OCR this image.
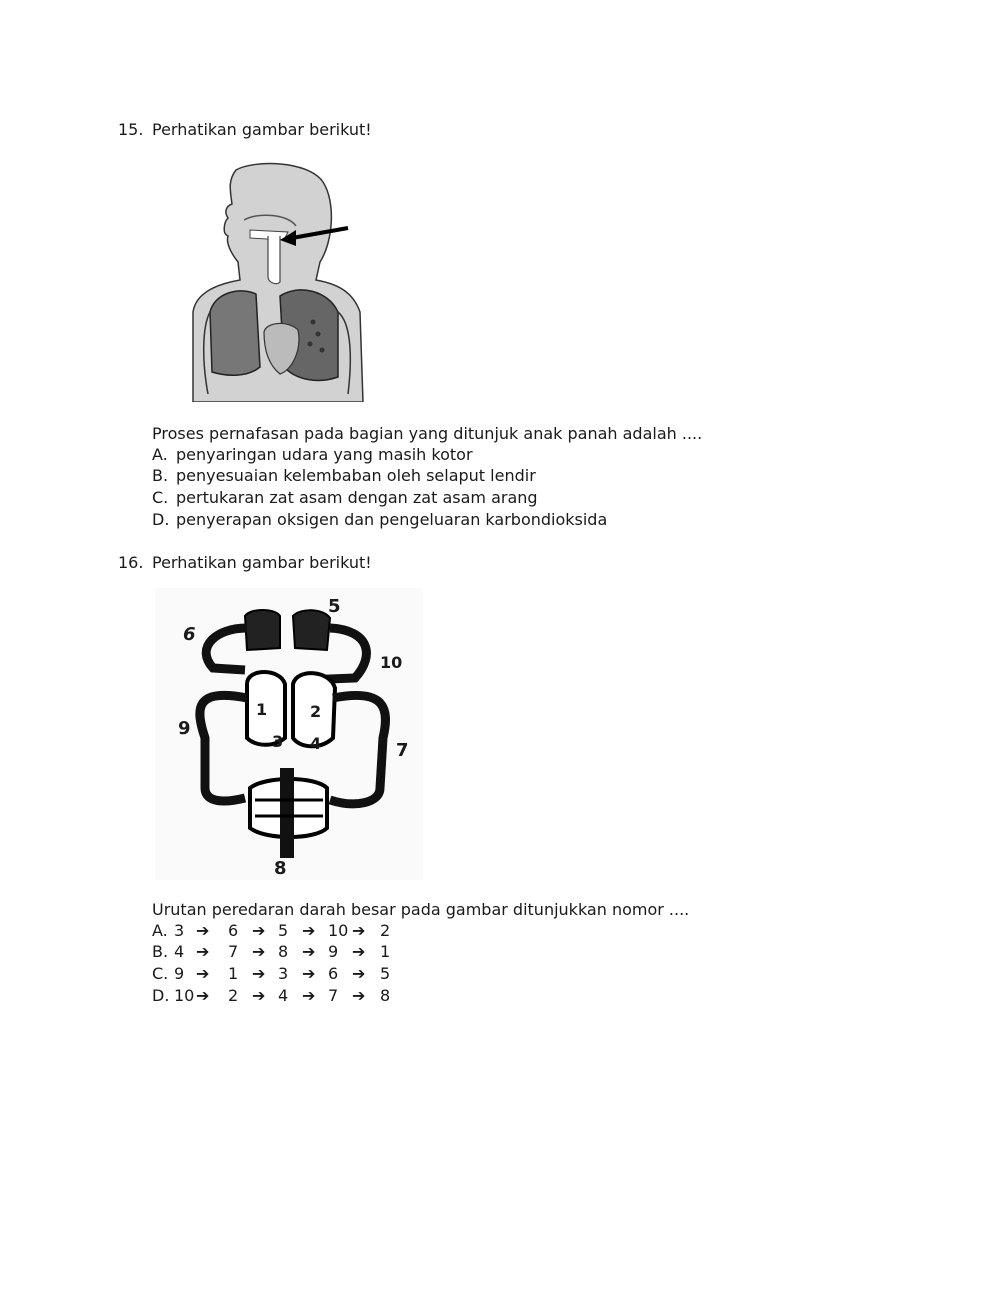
15. Perhatikan gambar berikut!
Proses pernafasan pada bagian yang ditunjuk anak panah adalah ....
A. penyaringan udara yang masih kotor
B. penyesuaian kelembaban oleh selaput lendir
C. pertukaran zat asam dengan zat asam arang
D. penyerapan oksigen dan pengeluaran karbondioksida
16. Perhatikan gambar berikut!
1	2
3 4
5
6
7
8
9
10
Urutan peredaran darah besar pada gambar ditunjukkan nomor ....
A. 3 ➔ 6 ➔ 5 ➔ 10 ➔ 2
B. 4 ➔ 7 ➔ 8 ➔ 9 ➔ 1
C. 9 ➔ 1 ➔ 3 ➔ 6 ➔ 5
D. 10 ➔ 2 ➔ 4 ➔ 7 ➔ 8
